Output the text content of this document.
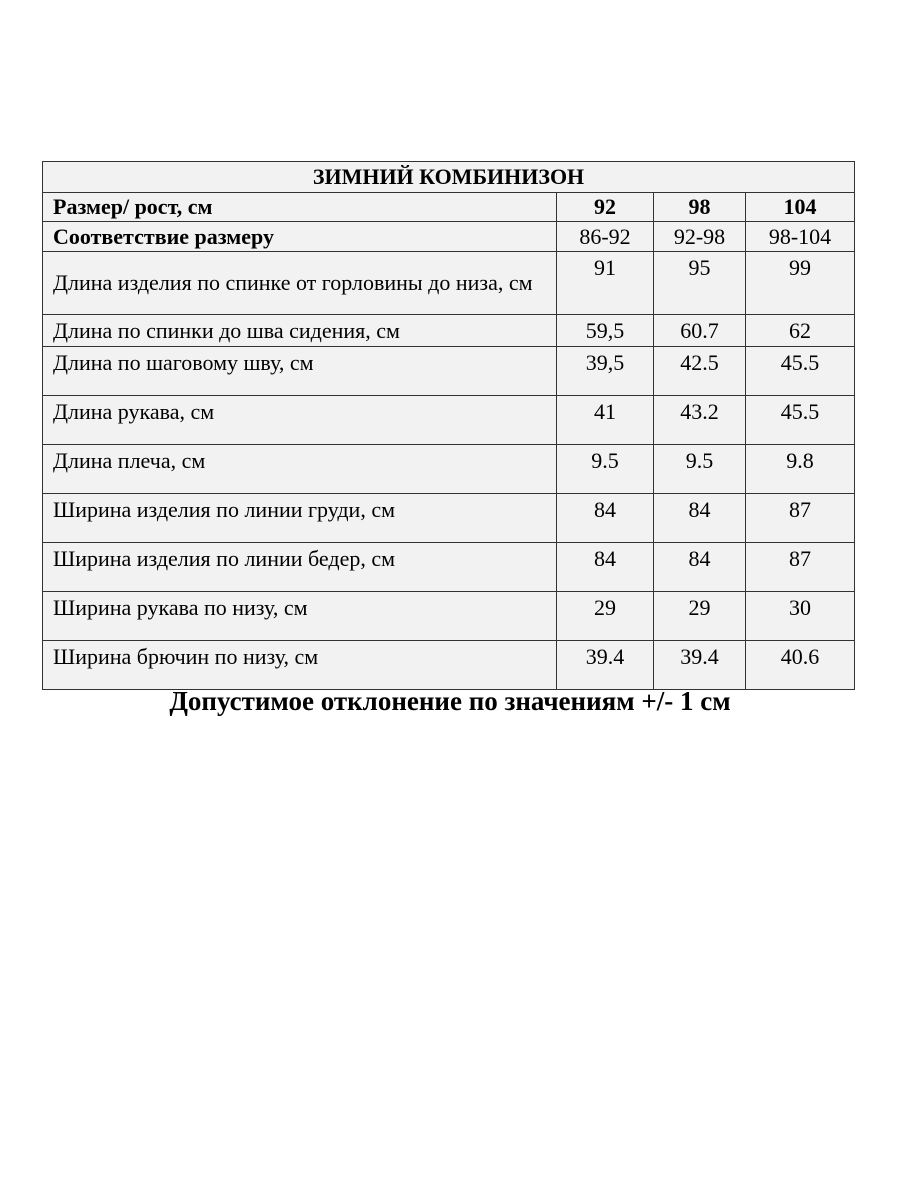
ЗИМНИЙ КОМБИНИЗОН			
Размер/ рост, см	92	98	104
Соответствие размеру	86-92	92-98	98-104
Длина изделия по спинке от горловины до низа, см	91	95	99
Длина по спинки до шва сидения, см	59,5	60.7	62
Длина по шаговому шву, см	39,5	42.5	45.5
Длина рукава, см	41	43.2	45.5
Длина плеча, см	9.5	9.5	9.8
Ширина изделия по линии груди, см	84	84	87
Ширина изделия по линии бедер, см	84	84	87
Ширина рукава по низу, см	29	29	30
Ширина брючин по низу, см	39.4	39.4	40.6
Допустимое отклонение по значениям +/- 1 см
